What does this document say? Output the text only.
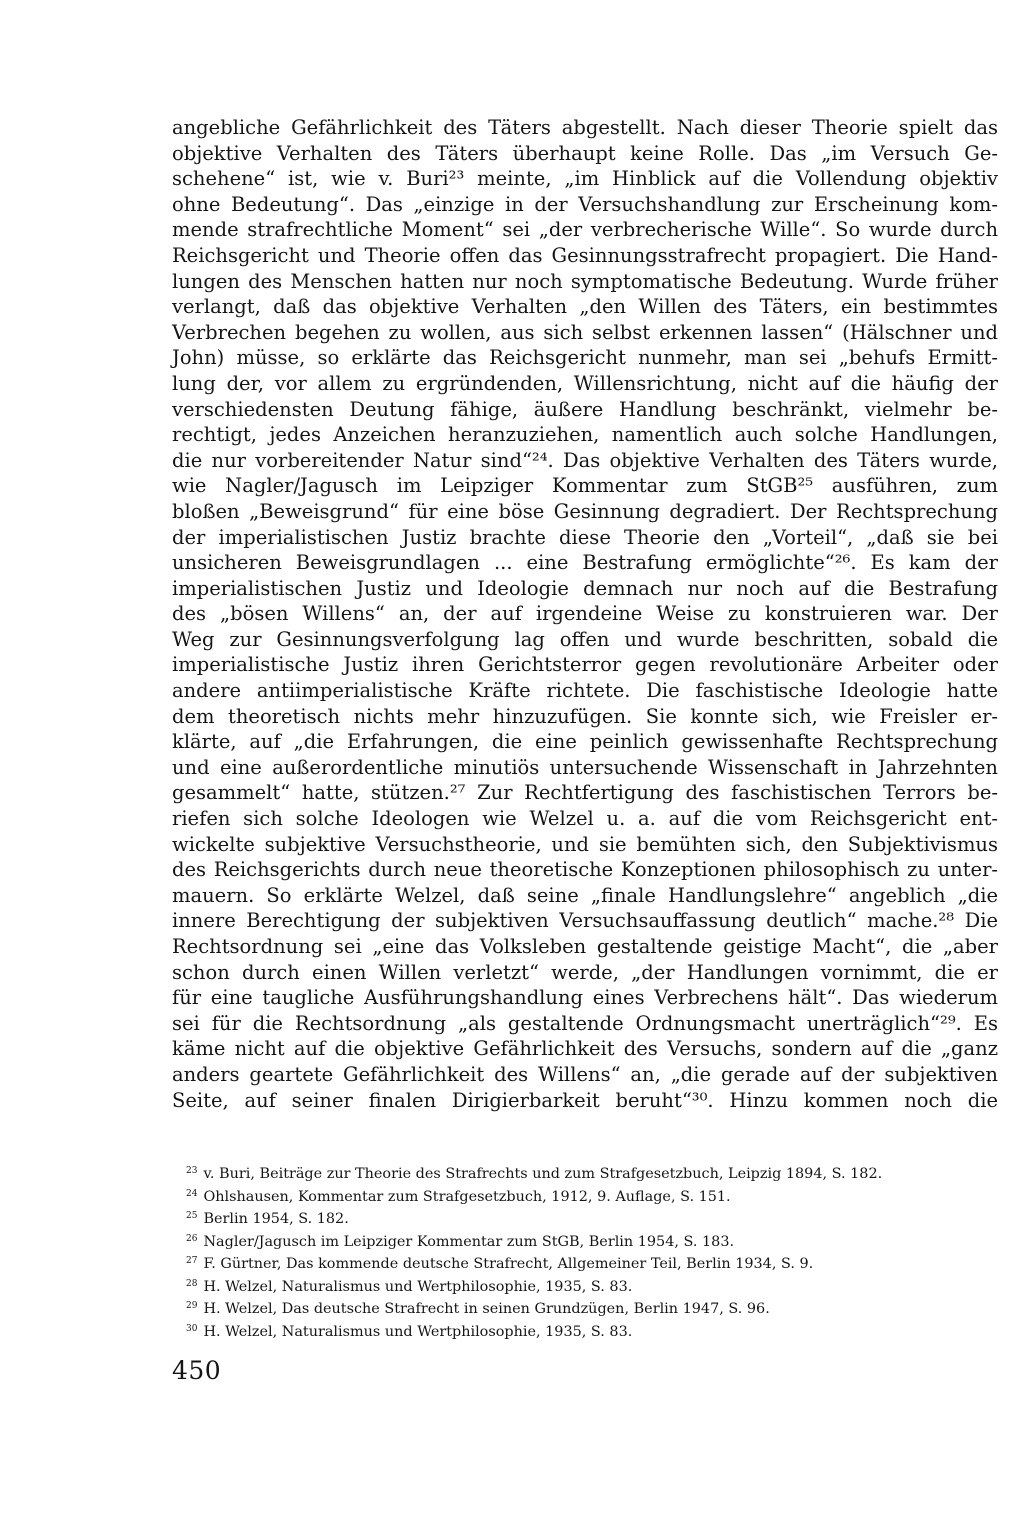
angebliche Gefährlichkeit des Täters abgestellt. Nach dieser Theorie spielt das
objektive Verhalten des Täters überhaupt keine Rolle. Das „im Versuch Ge-
schehene“ ist, wie v. Buri²³ meinte, „im Hinblick auf die Vollendung objektiv
ohne Bedeutung“. Das „einzige in der Versuchshandlung zur Erscheinung kom-
mende strafrechtliche Moment“ sei „der verbrecherische Wille“. So wurde durch
Reichsgericht und Theorie offen das Gesinnungsstrafrecht propagiert. Die Hand-
lungen des Menschen hatten nur noch symptomatische Bedeutung. Wurde früher
verlangt, daß das objektive Verhalten „den Willen des Täters, ein bestimmtes
Verbrechen begehen zu wollen, aus sich selbst erkennen lassen“ (Hälschner und
John) müsse, so erklärte das Reichsgericht nunmehr, man sei „behufs Ermitt-
lung der, vor allem zu ergründenden, Willensrichtung, nicht auf die häufig der
verschiedensten Deutung fähige, äußere Handlung beschränkt, vielmehr be-
rechtigt, jedes Anzeichen heranzuziehen, namentlich auch solche Handlungen,
die nur vorbereitender Natur sind“²⁴. Das objektive Verhalten des Täters wurde,
wie Nagler/Jagusch im Leipziger Kommentar zum StGB²⁵ ausführen, zum
bloßen „Beweisgrund“ für eine böse Gesinnung degradiert. Der Rechtsprechung
der imperialistischen Justiz brachte diese Theorie den „Vorteil“, „daß sie bei
unsicheren Beweisgrundlagen ... eine Bestrafung ermöglichte“²⁶. Es kam der
imperialistischen Justiz und Ideologie demnach nur noch auf die Bestrafung
des „bösen Willens“ an, der auf irgendeine Weise zu konstruieren war. Der
Weg zur Gesinnungsverfolgung lag offen und wurde beschritten, sobald die
imperialistische Justiz ihren Gerichtsterror gegen revolutionäre Arbeiter oder
andere antiimperialistische Kräfte richtete. Die faschistische Ideologie hatte
dem theoretisch nichts mehr hinzuzufügen. Sie konnte sich, wie Freisler er-
klärte, auf „die Erfahrungen, die eine peinlich gewissenhafte Rechtsprechung
und eine außerordentliche minutiös untersuchende Wissenschaft in Jahrzehnten
gesammelt“ hatte, stützen.²⁷ Zur Rechtfertigung des faschistischen Terrors be-
riefen sich solche Ideologen wie Welzel u. a. auf die vom Reichsgericht ent-
wickelte subjektive Versuchstheorie, und sie bemühten sich, den Subjektivismus
des Reichsgerichts durch neue theoretische Konzeptionen philosophisch zu unter-
mauern. So erklärte Welzel, daß seine „finale Handlungslehre“ angeblich „die
innere Berechtigung der subjektiven Versuchsauffassung deutlich“ mache.²⁸ Die
Rechtsordnung sei „eine das Volksleben gestaltende geistige Macht“, die „aber
schon durch einen Willen verletzt“ werde, „der Handlungen vornimmt, die er
für eine taugliche Ausführungshandlung eines Verbrechens hält“. Das wiederum
sei für die Rechtsordnung „als gestaltende Ordnungsmacht unerträglich“²⁹. Es
käme nicht auf die objektive Gefährlichkeit des Versuchs, sondern auf die „ganz
anders geartete Gefährlichkeit des Willens“ an, „die gerade auf der subjektiven
Seite, auf seiner finalen Dirigierbarkeit beruht“³⁰. Hinzu kommen noch die
$^{23}$ v. Buri, Beiträge zur Theorie des Strafrechts und zum Strafgesetzbuch, Leipzig 1894, S. 182.
$^{24}$ Ohlshausen, Kommentar zum Strafgesetzbuch, 1912, 9. Auflage, S. 151.
$^{25}$ Berlin 1954, S. 182.
$^{26}$ Nagler/Jagusch im Leipziger Kommentar zum StGB, Berlin 1954, S. 183.
$^{27}$ F. Gürtner, Das kommende deutsche Strafrecht, Allgemeiner Teil, Berlin 1934, S. 9.
$^{28}$ H. Welzel, Naturalismus und Wertphilosophie, 1935, S. 83.
$^{29}$ H. Welzel, Das deutsche Strafrecht in seinen Grundzügen, Berlin 1947, S. 96.
$^{30}$ H. Welzel, Naturalismus und Wertphilosophie, 1935, S. 83.
450
